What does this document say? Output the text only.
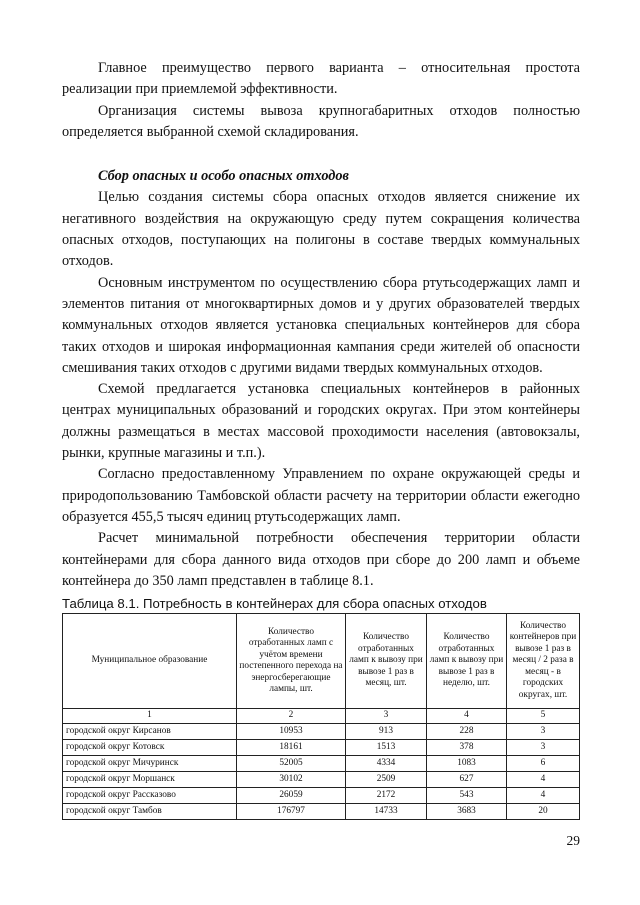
Главное преимущество первого варианта – относительная простота реализации при приемлемой эффективности.

Организация системы вывоза крупногабаритных отходов полностью определяется выбранной схемой складирования.

Сбор опасных и особо опасных отходов

Целью создания системы сбора опасных отходов является снижение их негативного воздействия на окружающую среду путем сокращения количества опасных отходов, поступающих на полигоны в составе твердых коммунальных отходов.

Основным инструментом по осуществлению сбора ртутьсодержащих ламп и элементов питания от многоквартирных домов и у других образователей твердых коммунальных отходов является установка специальных контейнеров для сбора таких отходов и широкая информационная кампания среди жителей об опасности смешивания таких отходов с другими видами твердых коммунальных отходов.

Схемой предлагается установка специальных контейнеров в районных центрах муниципальных образований и городских округах. При этом контейнеры должны размещаться в местах массовой проходимости населения (автовокзалы, рынки, крупные магазины и т.п.).

Согласно предоставленному Управлением по охране окружающей среды и природопользованию Тамбовской области расчету на территории области ежегодно образуется 455,5 тысяч единиц ртутьсодержащих ламп.

Расчет минимальной потребности обеспечения территории области контейнерами для сбора данного вида отходов при сборе до 200 ламп и объеме контейнера до 350 ламп представлен в таблице 8.1.

Таблица 8.1. Потребность в контейнерах для сбора опасных отходов

Муниципальное образование	Количество отработанных ламп с учётом времени постепенного перехода на энергосберегающие лампы, шт.	Количество отработанных ламп к вывозу при вывозе 1 раз в месяц, шт.	Количество отработанных ламп к вывозу при вывозе 1 раз в неделю, шт.	Количество контейнеров при вывозе 1 раз в месяц / 2 раза в месяц - в городских округах, шт.
1	2	3	4	5
городской округ Кирсанов	10953	913	228	3
городской округ Котовск	18161	1513	378	3
городской округ Мичуринск	52005	4334	1083	6
городской округ Моршанск	30102	2509	627	4
городской округ Рассказово	26059	2172	543	4
городской округ Тамбов	176797	14733	3683	20
29
